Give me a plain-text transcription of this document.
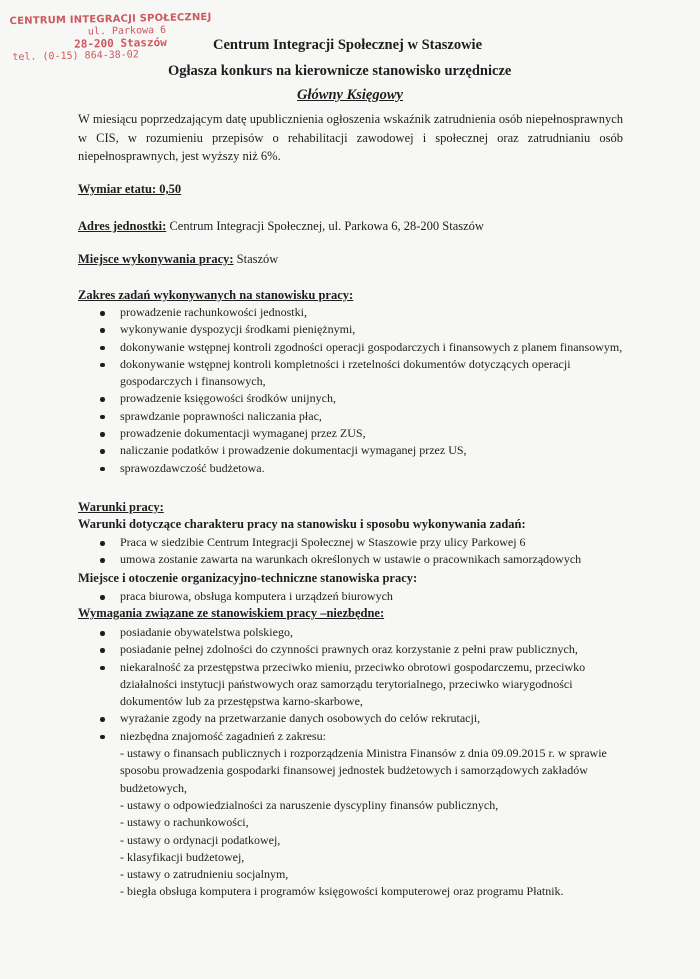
CENTRUM INTEGRACJI SPOŁECZNEJ
ul. Parkowa 6
28-200 Staszów
tel. (0-15) 864-38-02
Centrum Integracji Społecznej w Staszowie
Ogłasza konkurs na kierownicze stanowisko urzędnicze
Główny Księgowy
W miesiącu poprzedzającym datę upublicznienia ogłoszenia wskaźnik zatrudnienia osób niepełnosprawnych w CIS, w rozumieniu przepisów o rehabilitacji zawodowej i społecznej oraz zatrudnianiu osób niepełnosprawnych, jest wyższy niż 6%.
Wymiar etatu: 0,50
Adres jednostki: Centrum Integracji Społecznej, ul. Parkowa 6, 28-200 Staszów
Miejsce wykonywania pracy: Staszów
Zakres zadań wykonywanych na stanowisku pracy:
prowadzenie rachunkowości jednostki,
wykonywanie dyspozycji środkami pieniężnymi,
dokonywanie wstępnej kontroli zgodności operacji gospodarczych i finansowych z planem finansowym,
dokonywanie wstępnej kontroli kompletności i rzetelności dokumentów dotyczących operacji gospodarczych i finansowych,
prowadzenie księgowości środków unijnych,
sprawdzanie poprawności naliczania płac,
prowadzenie dokumentacji wymaganej przez ZUS,
naliczanie podatków i prowadzenie dokumentacji wymaganej przez US,
sprawozdawczość budżetowa.
Warunki pracy:
Warunki dotyczące charakteru pracy na stanowisku i sposobu wykonywania zadań:
Praca w siedzibie Centrum Integracji Społecznej w Staszowie przy ulicy Parkowej 6
umowa zostanie zawarta na warunkach określonych w ustawie o pracownikach samorządowych
Miejsce i otoczenie organizacyjno-techniczne stanowiska pracy:
praca biurowa, obsługa komputera i urządzeń biurowych
Wymagania związane ze stanowiskiem pracy –niezbędne:
posiadanie obywatelstwa polskiego,
posiadanie pełnej zdolności do czynności prawnych oraz korzystanie z pełni praw publicznych,
niekaralność za przestępstwa przeciwko mieniu, przeciwko obrotowi gospodarczemu, przeciwko działalności instytucji państwowych oraz samorządu terytorialnego, przeciwko wiarygodności dokumentów lub za przestępstwa karno-skarbowe,
wyrażanie zgody na przetwarzanie danych osobowych do celów rekrutacji,
niezbędna znajomość zagadnień z zakresu:
- ustawy o finansach publicznych i rozporządzenia Ministra Finansów z dnia 09.09.2015 r. w sprawie sposobu prowadzenia gospodarki finansowej jednostek budżetowych i samorządowych zakładów budżetowych,
- ustawy o odpowiedzialności za naruszenie dyscypliny finansów publicznych,
- ustawy o rachunkowości,
- ustawy o ordynacji podatkowej,
- klasyfikacji budżetowej,
- ustawy o zatrudnieniu socjalnym,
- biegła obsługa komputera i programów księgowości komputerowej oraz programu Płatnik.
